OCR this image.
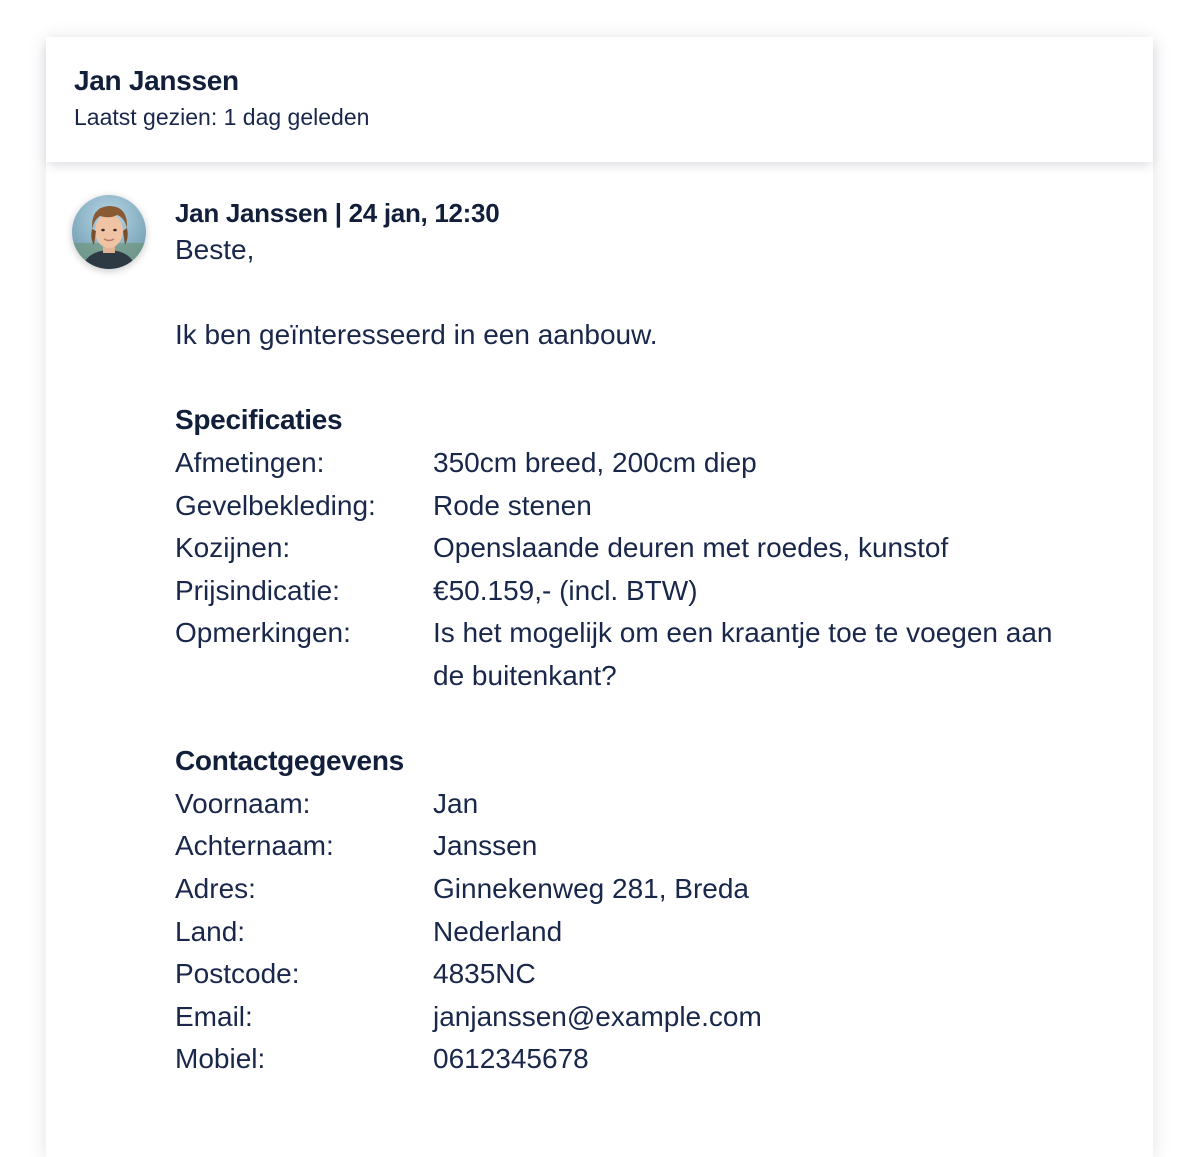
Jan Janssen
Laatst gezien: 1 dag geleden
Jan Janssen | 24 jan, 12:30
Beste,
Ik ben geïnteresseerd in een aanbouw.
Specificaties
Afmetingen:	350cm breed, 200cm diep
Gevelbekleding:	Rode stenen
Kozijnen:	Openslaande deuren met roedes, kunstof
Prijsindicatie:	€50.159,- (incl. BTW)
Opmerkingen:	Is het mogelijk om een kraantje toe te voegen aan de buitenkant?
Contactgegevens
Voornaam:	Jan
Achternaam:	Janssen
Adres:	Ginnekenweg 281, Breda
Land:	Nederland
Postcode:	4835NC
Email:	janjanssen@example.com
Mobiel:	0612345678
